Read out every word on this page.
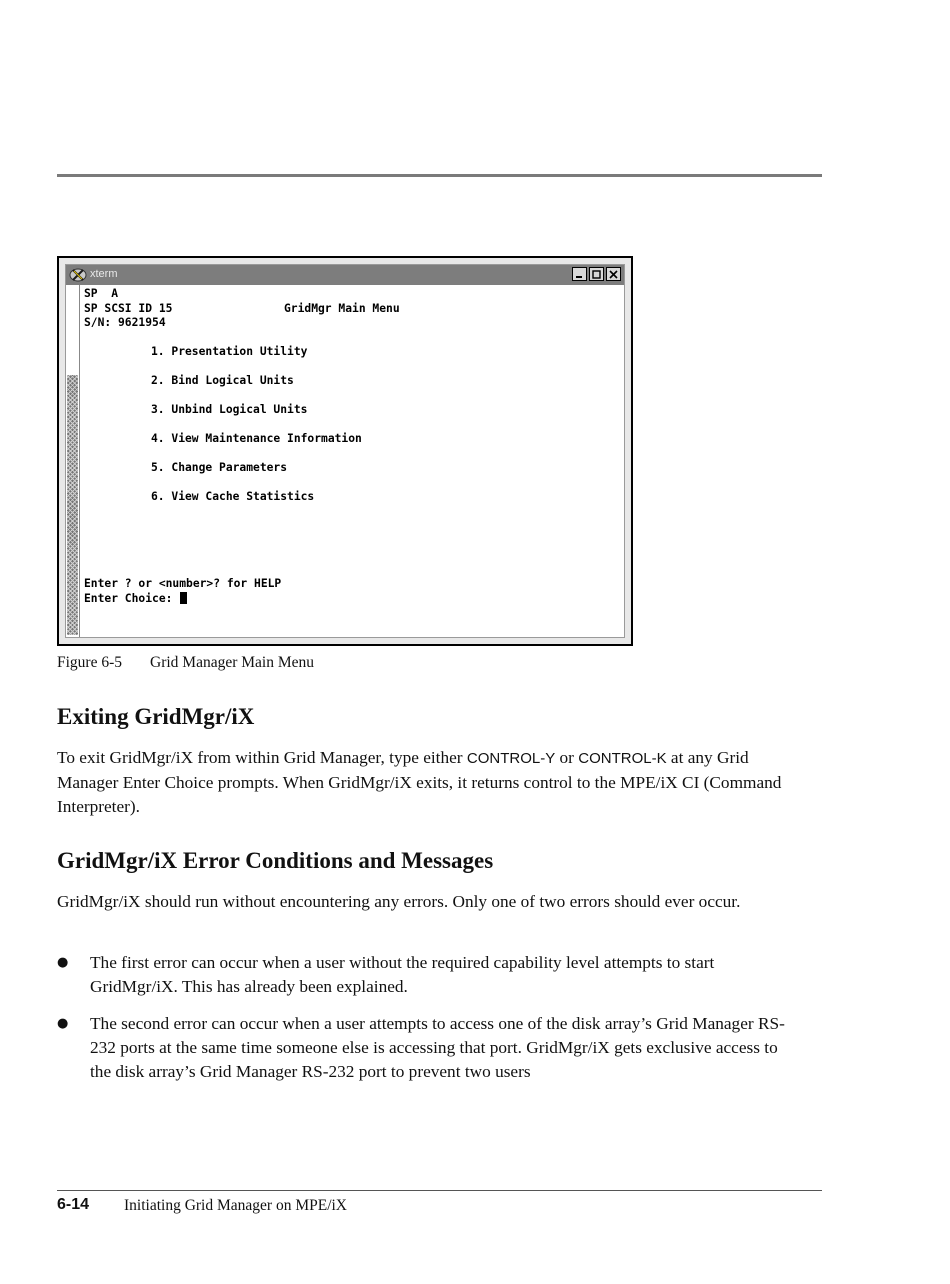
xterm
SP  A
SP SCSI ID 15	GridMgr Main Menu
S/N: 9621954
1. Presentation Utility
2. Bind Logical Units
3. Unbind Logical Units
4. View Maintenance Information
5. Change Parameters
6. View Cache Statistics
Enter ? or <number>? for HELP
Enter Choice:
Figure 6-5 Grid Manager Main Menu
Exiting GridMgr/iX

To exit GridMgr/iX from within Grid Manager, type either CONTROL-Y or CONTROL-K at any Grid Manager Enter Choice prompts. When GridMgr/iX exits, it returns control to the MPE/iX CI (Command Interpreter).

GridMgr/iX Error Conditions and Messages

GridMgr/iX should run without encountering any errors. Only one of two errors should ever occur.

● The first error can occur when a user without the required capability level attempts to start GridMgr/iX. This has already been explained.
● The second error can occur when a user attempts to access one of the disk array’s Grid Manager RS-232 ports at the same time someone else is accessing that port. GridMgr/iX gets exclusive access to the disk array’s Grid Manager RS-232 port to prevent two users
6-14 Initiating Grid Manager on MPE/iX
